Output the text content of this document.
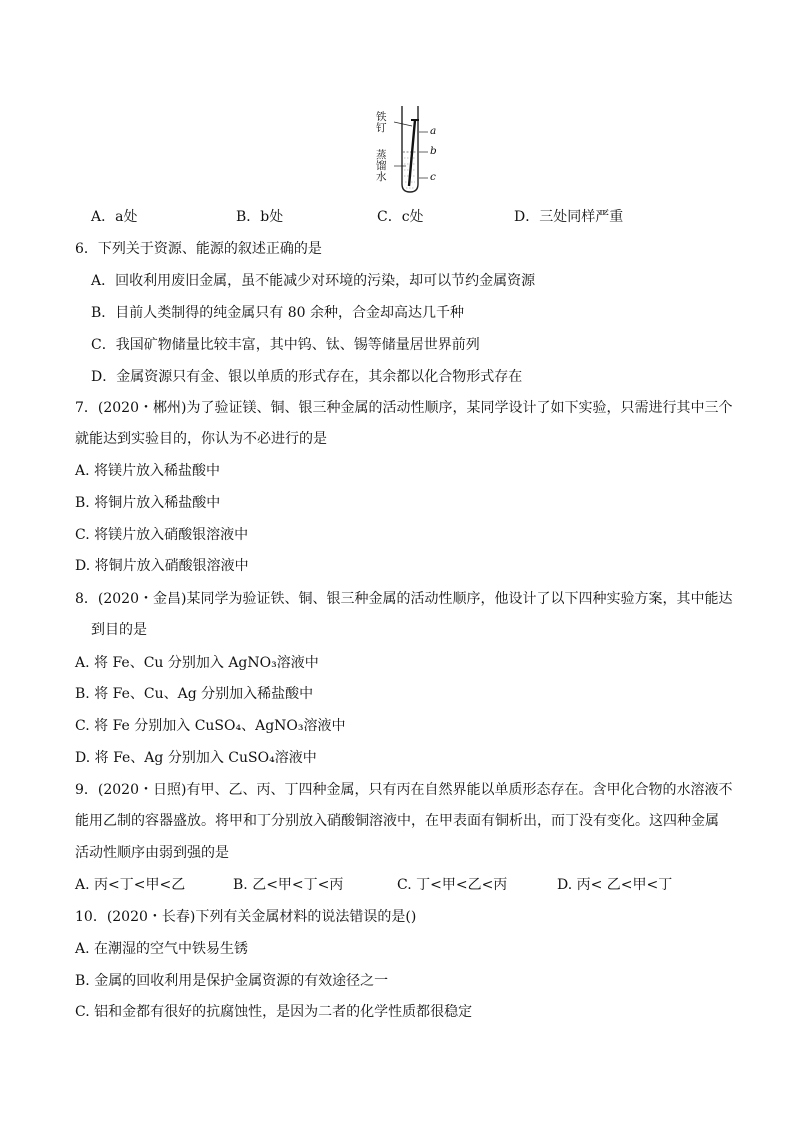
铁
钉
蒸
馏
水
a
b
c
A．a处	B．b处	C．c处	D．三处同样严重
6．下列关于资源、能源的叙述正确的是
A．回收利用废旧金属，虽不能减少对环境的污染，却可以节约金属资源
B．目前人类制得的纯金属只有 80 余种，合金却高达几千种
C．我国矿物储量比较丰富，其中钨、钛、锡等储量居世界前列
D．金属资源只有金、银以单质的形式存在，其余都以化合物形式存在
7．(2020・郴州)为了验证镁、铜、银三种金属的活动性顺序，某同学设计了如下实验，只需进行其中三个
就能达到实验目的，你认为不必进行的是
A. 将镁片放入稀盐酸中
B. 将铜片放入稀盐酸中
C. 将镁片放入硝酸银溶液中
D. 将铜片放入硝酸银溶液中
8．(2020・金昌)某同学为验证铁、铜、银三种金属的活动性顺序，他设计了以下四种实验方案，其中能达
到目的是
A. 将 Fe、Cu 分别加入 AgNO₃溶液中
B. 将 Fe、Cu、Ag 分别加入稀盐酸中
C. 将 Fe 分别加入 CuSO₄、AgNO₃溶液中
D. 将 Fe、Ag 分别加入 CuSO₄溶液中
9．(2020・日照)有甲、乙、丙、丁四种金属，只有丙在自然界能以单质形态存在。含甲化合物的水溶液不
能用乙制的容器盛放。将甲和丁分别放入硝酸铜溶液中，在甲表面有铜析出，而丁没有变化。这四种金属
活动性顺序由弱到强的是
A. 丙<丁<甲<乙	B. 乙<甲<丁<丙	C. 丁<甲<乙<丙	D. 丙< 乙<甲<丁
10．(2020・长春)下列有关金属材料的说法错误的是()
A. 在潮湿的空气中铁易生锈
B. 金属的回收利用是保护金属资源的有效途径之一
C. 铝和金都有很好的抗腐蚀性，是因为二者的化学性质都很稳定
